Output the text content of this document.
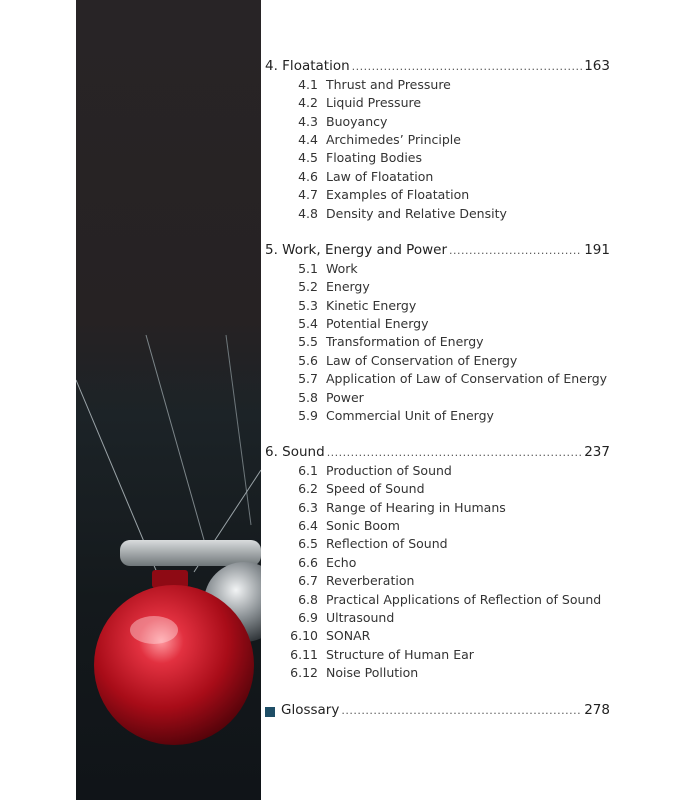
4. Floatation .....	163
4.1 Thrust and Pressure
4.2 Liquid Pressure
4.3 Buoyancy
4.4 Archimedes’ Principle
4.5 Floating Bodies
4.6 Law of Floatation
4.7 Examples of Floatation
4.8 Density and Relative Density
5. Work, Energy and Power .....	191
5.1 Work
5.2 Energy
5.3 Kinetic Energy
5.4 Potential Energy
5.5 Transformation of Energy
5.6 Law of Conservation of Energy
5.7 Application of Law of Conservation of Energy
5.8 Power
5.9 Commercial Unit of Energy
6. Sound .....	237
6.1 Production of Sound
6.2 Speed of Sound
6.3 Range of Hearing in Humans
6.4 Sonic Boom
6.5 Reflection of Sound
6.6 Echo
6.7 Reverberation
6.8 Practical Applications of Reflection of Sound
6.9 Ultrasound
6.10 SONAR
6.11 Structure of Human Ear
6.12 Noise Pollution
Glossary .....	278
